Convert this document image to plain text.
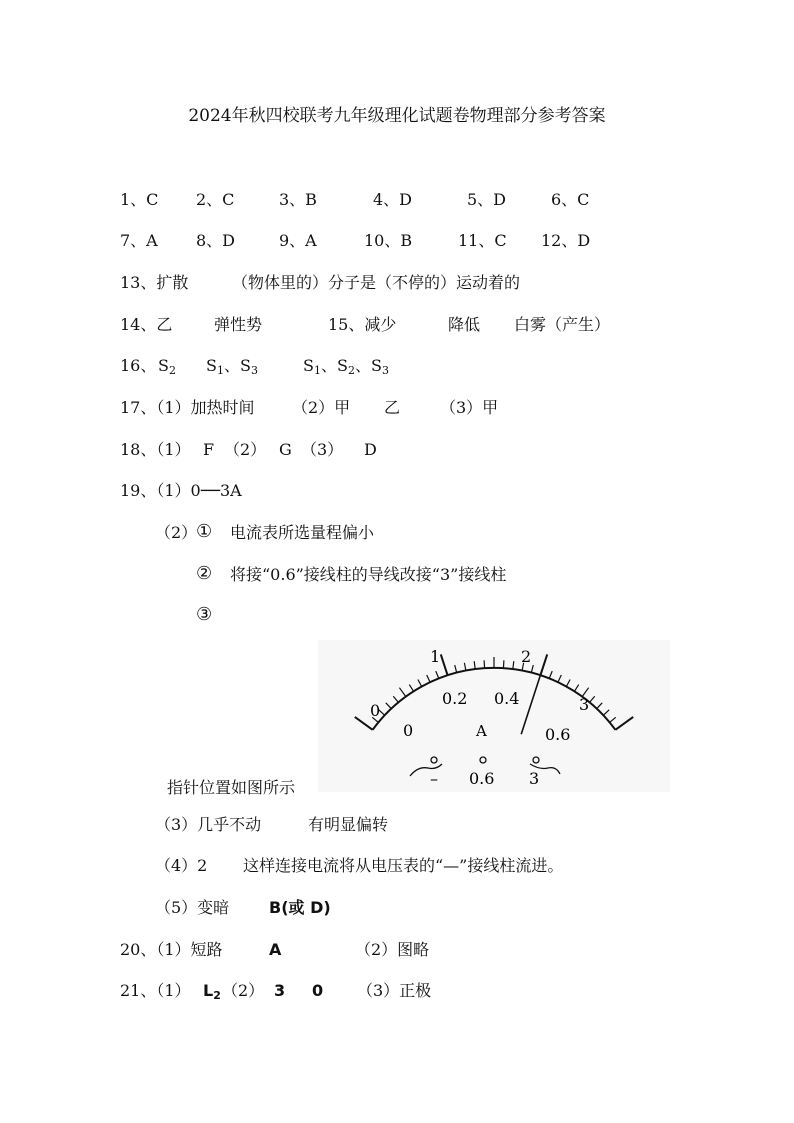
2024年秋四校联考九年级理化试题卷物理部分参考答案
1、C 2、C	3、B	4、D	5、D	6、C
7、A 8、D	9、A	10、B	11、C 12、D
13、扩散	（物体里的）分子是（不停的）运动着的
14、乙	弹性势	15、减少	降低 白雾（产生）
16、 $S_2$ $S_1$、$S_3$	$S_1$、$S_2$、$S_3$
17、（1）加热时间 （2）甲 乙 （3）甲
18、（1） F （2） G （3） D
19、（1）0──3A
（2）
① 电流表所选量程偏小
② 将接“0.6”接线柱的导线改接“3”接线柱
③
0
1	2
3
0
0.2 0.4
0.6
A
– 0.6 3
指针位置如图所示
（3）几乎不动	有明显偏转
（4）2 这样连接电流将从电压表的“—”接线柱流进。
（5）变暗 B(或 D)
20、（1）短路	A	（2）图略
21、（1） $L_2$ （2） 3 0 （3）正极
